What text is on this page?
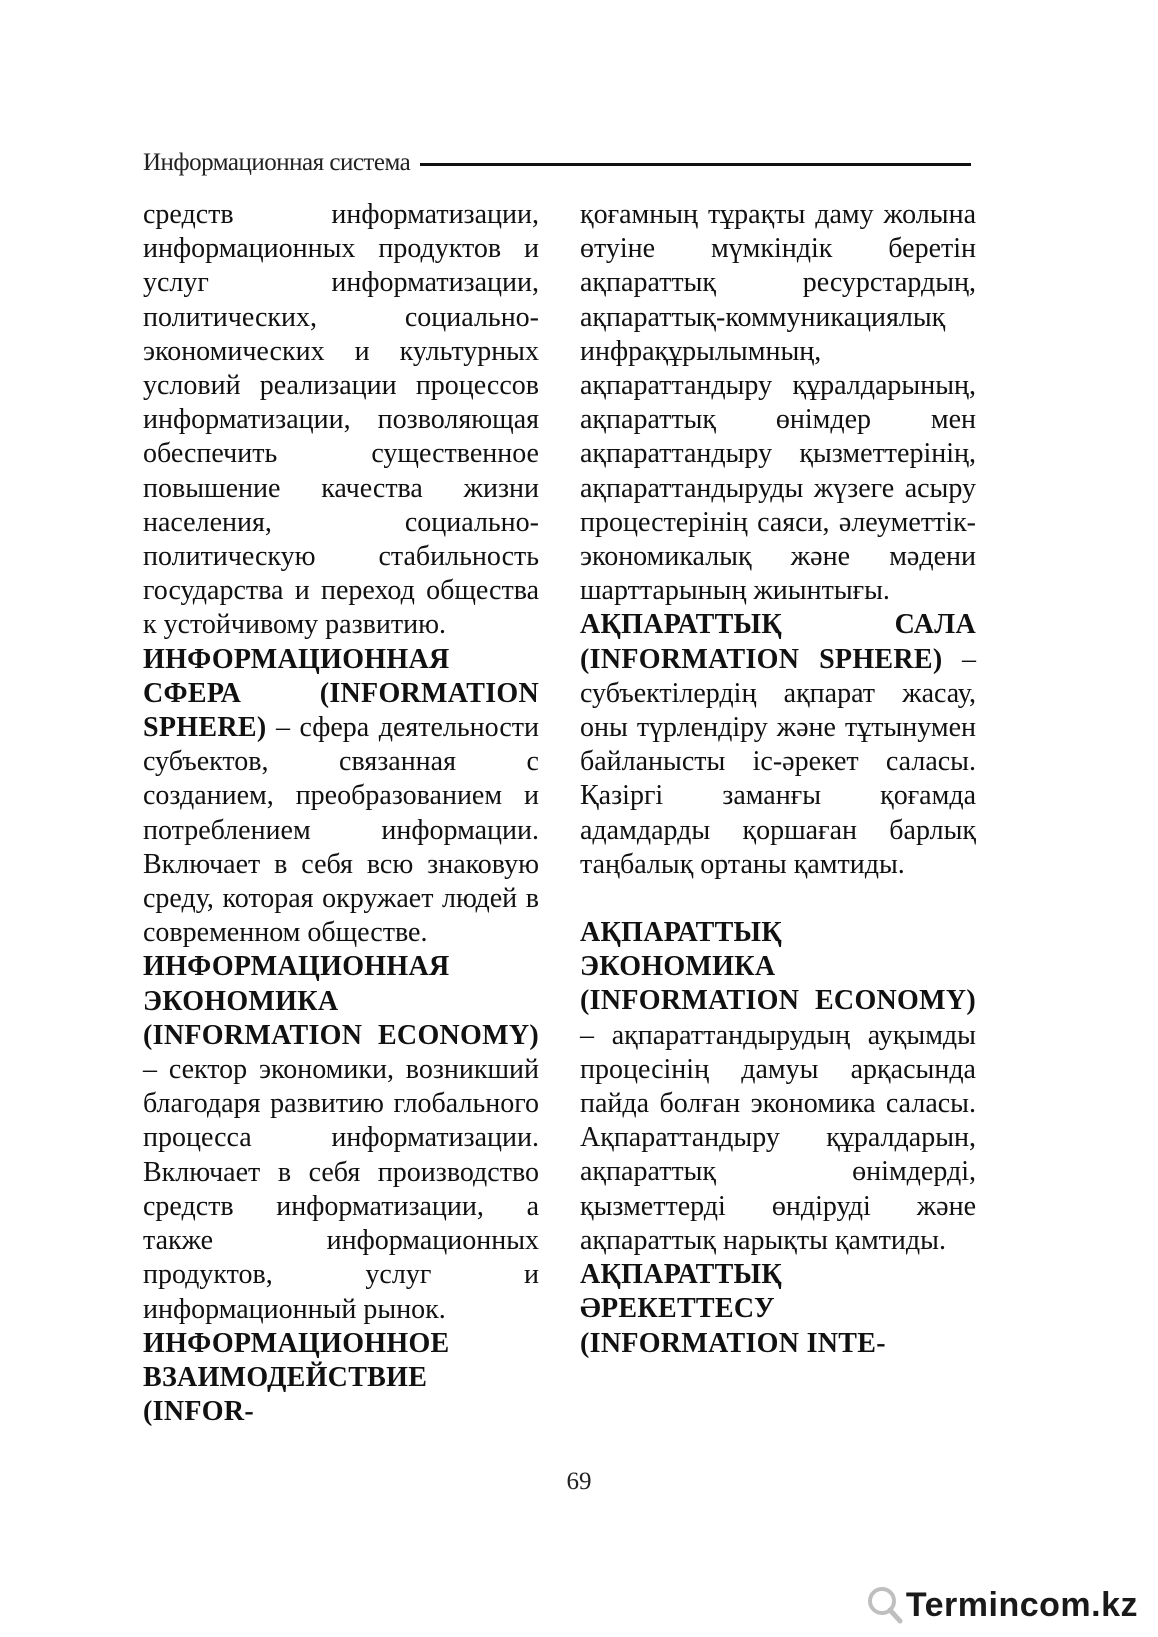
Информационная система

средств информатизации, информационных продуктов и услуг информатизации, политических, социально-экономических и культурных условий реализации процессов информатизации, позволяющая обеспечить существенное повышение качества жизни населения, социально-политическую стабильность государства и переход общества к устойчивому развитию.

ИНФОРМАЦИОННАЯ СФЕРА (INFORMATION SPHERE) – сфера деятельности субъектов, связанная с созданием, преобразованием и потреблением информации. Включает в себя всю знаковую среду, которая окружает людей в современном обществе.

ИНФОРМАЦИОННАЯ ЭКОНОМИКА (INFORMATION ECONOMY) – сектор экономики, возникший благодаря развитию глобального процесса информатизации. Включает в себя производство средств информатизации, а также информационных продуктов, услуг и информационный рынок.

ИНФОРМАЦИОННОЕ ВЗАИМОДЕЙСТВИЕ (INFOR-

қоғамның тұрақты даму жолына өтуіне мүмкіндік беретін ақпараттық ресурстардың, ақпараттық-коммуникациялық инфрақұрылымның, ақпараттандыру құралдарының, ақпараттық өнімдер мен ақпараттандыру қызметтерінің, ақпараттандыруды жүзеге асыру процестерінің саяси, әлеуметтік-экономикалық және мәдени шарттарының жиынтығы.

АҚПАРАТТЫҚ САЛА (INFORMATION SPHERE) – субъектілердің ақпарат жасау, оны түрлендіру және тұтынумен байланысты іс-әрекет саласы. Қазіргі заманғы қоғамда адамдарды қоршаған барлық таңбалық ортаны қамтиды.

АҚПАРАТТЫҚ ЭКОНОМИКА (INFORMATION ECONOMY) – ақпараттандырудың ауқымды процесінің дамуы арқасында пайда болған экономика саласы. Ақпараттандыру құралдарын, ақпараттық өнімдерді, қызметтерді өндіруді және ақпараттық нарықты қамтиды.

АҚПАРАТТЫҚ ӘРЕКЕТТЕСУ (INFORMATION INTE-

69
Termincom.kz
